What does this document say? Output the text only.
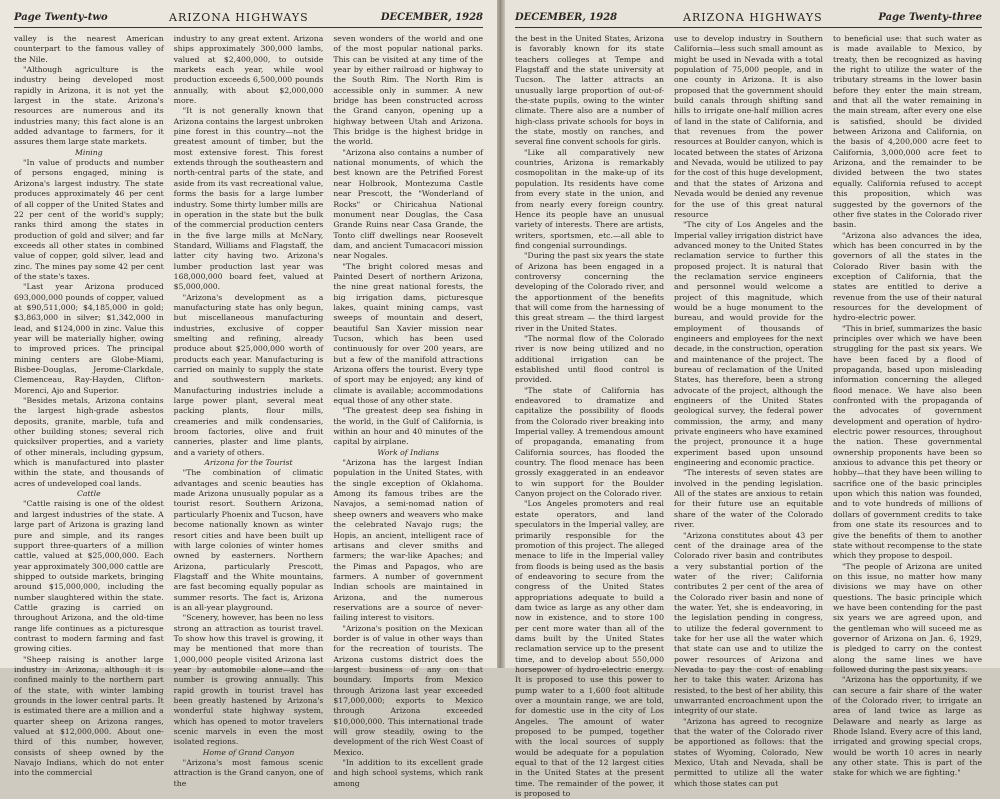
Page Twenty-two	ARIZONA HIGHWAYS	DECEMBER, 1928

valley is the nearest American counterpart to the famous valley of the Nile.

"Although agriculture is the industry being developed most rapidly in Arizona, it is not yet the largest in the state. Arizona's resources are numerous and its industries many; this fact alone is an added advantage to farmers, for it assures them large state markets.

Mining

"In value of products and number of persons engaged, mining is Arizona's largest industry. The state produces approximately 46 per cent of all copper of the United States and 22 per cent of the world's supply; ranks third among the states in production of gold and silver; and far exceeds all other states in combined value of copper, gold silver, lead and zinc. The mines pay some 42 per cent of the state's taxes.

"Last year Arizona produced 693,000,000 pounds of copper, valued at $90,511,000; $4,185,000 in gold; $3,863,000 in silver; $1,342,000 in lead, and $124,000 in zinc. Value this year will be materially higher, owing to improved prices. The principal mining centers are Globe-Miami, Bisbee-Douglas, Jerome-Clarkdale, Clemenceau, Ray-Hayden, Clifton-Morenci, Ajo and Superior.

"Besides metals, Arizona contains the largest high-grade asbestos deposits, granite, marble, tufa and other building stones; several rich quicksilver properties, and a variety of other minerals, including gypsum, which is manufactured into plaster within the state, and thousands of acres of undeveloped coal lands.

Cattle

"Cattle raising is one of the oldest and largest industries of the state. A large part of Arizona is grazing land pure and simple, and its ranges support three-quarters of a million cattle, valued at $25,000,000. Each year approximately 300,000 cattle are shipped to outside markets, bringing around $15,000,000, including the number slaughtered within the state. Cattle grazing is carried on throughout Arizona, and the old-time range life continues as a picturesque contrast to modern farming and fast growing cities.

"Sheep raising is another large industry in Arizona, although it is confined mainly to the northern part of the state, with winter lambing grounds in the lower central parts. It is estimated there are a million and a quarter sheep on Arizona ranges, valued at $12,000,000. About one-third of this number, however, consists of sheep owned by the Navajo Indians, which do not enter into the commercial

industry to any great extent. Arizona ships approximately 300,000 lambs, valued at $2,400,000, to outside markets each year, while wool production exceeds 6,500,000 pounds annually, with about $2,000,000 more.

"It is not generally known that Arizona contains the largest unbroken pine forest in this country—not the greatest amount of timber, but the most extensive forest. This forest extends through the southeastern and north-central parts of the state, and aside from its vast recreational value, forms the basis for a large lumber industry. Some thirty lumber mills are in operation in the state but the bulk of the commercial production centers in the five large mills at McNary, Standard, Williams and Flagstaff, the latter city having two. Arizona's lumber production last year was 168,000,000 board feet, valued at $5,000,000.

"Arizona's development as a manufacturing state has only begun, but miscellaneous manufacturing industries, exclusive of copper smelting and refining, already produce about $25,000,000 worth of products each year. Manufacturing is carried on mainly to supply the state and southwestern markets. Manufacturing industries include a large power plant, several meat packing plants, flour mills, creameries and milk condensaries, broom factories, olive and fruit canneries, plaster and lime plants, and a variety of others.

Arizona for the Tourist

"The combination of climatic advantages and scenic beauties has made Arizona unusually popular as a tourist resort. Southern Arizona, particularly Phoenix and Tucson, have become nationally known as winter resort cities and have been built up with large colonies of winter homes owned by easterners. Northern Arizona, particularly Prescott, Flagstaff and the White mountains, are fast becoming equally popular as summer resorts. The fact is, Arizona is an all-year playground.

"Scenery, however, has been no less strong an attraction as tourist travel. To show how this travel is growing, it may be mentioned that more than 1,000,000 people visited Arizona last year by automobile alone—and the number is growing annually. This rapid growth in tourist travel has been greatly hastened by Arizona's wonderful state highway system, which has opened to motor travelers scenic marvels in even the most isolated regions.

Home of Grand Canyon

"Arizona's most famous scenic attraction is the Grand canyon, one of the

seven wonders of the world and one of the most popular national parks. This can be visited at any time of the year by either railroad or highway to the South Rim. The North Rim is accessible only in summer. A new bridge has been constructed across the Grand canyon, opening up a highway between Utah and Arizona. This bridge is the highest bridge in the world.

"Arizona also contains a number of national monuments, of which the best known are the Petrified Forest near Holbrook, Montezuma Castle near Prescott, the "Wonderland of Rocks" or Chiricahua National monument near Douglas, the Casa Grande Ruins near Casa Grande, the Tonto cliff dwellings near Roosevelt dam, and ancient Tumacacori mission near Nogales.

"The bright colored mesas and Painted Desert of northern Arizona, the nine great national forests, the big irrigation dams, picturesque lakes, quaint mining camps, vast sweeps of mountain and desert, beautiful San Xavier mission near Tucson, which has been used continuously for over 200 years, are but a few of the manifold attractions Arizona offers the tourist. Every type of sport may be enjoyed; any kind of climate is available; accommodations equal those of any other state.

"The greatest deep sea fishing in the world, in the Gulf of California, is within an hour and 40 minutes of the capital by airplane.

Work of Indians

"Arizona has the largest Indian population in the United States, with the single exception of Oklahoma. Among its famous tribes are the Navajos, a semi-nomad nation of sheep owners and weavers who make the celebrated Navajo rugs; the Hopis, an ancient, intelligent race of artisans and clever smiths and farmers; the war-like Apaches; and the Pimas and Papagos, who are farmers. A number of government Indian schools are maintained in Arizona, and the numerous reservations are a source of never-failing interest to visitors.

"Arizona's position on the Mexican border is of value in other ways than for the recreation of tourists. The Arizona customs district does the largest business of any on that boundary. Imports from Mexico through Arizona last year exceeded $17,000,000; exports to Mexico through Arizona exceeded $10,000,000. This international trade will grow steadily, owing to the development of the rich West Coast of Mexico.

"In addition to its excellent grade and high school systems, which rank among

DECEMBER, 1928	ARIZONA HIGHWAYS	Page Twenty-three

the best in the United States, Arizona is favorably known for its state teachers colleges at Tempe and Flagstaff and the state university at Tucson. The latter attracts an unusually large proportion of out-of-the-state pupils, owing to the winter climate. There also are a number of high-class private schools for boys in the state, mostly on ranches, and several fine convent schools for girls.

"Like all comparatively new countries, Arizona is remarkably cosmopolitan in the make-up of its population. Its residents have come from every state in the union, and from nearly every foreign country. Hence its people have an unusual variety of interests. There are artists, writers, sportsmen, etc.—all able to find congenial surroundings.

"During the past six years the state of Arizona has been engaged in a controversy concerning the developing of the Colorado river, and the apportionment of the benefits that will come from the harnessing of this great stream — the third largest river in the United States.

"The normal flow of the Colorado river is now being utilized and no additional irrigation can be established until flood control is provided.

"The state of California has endeavored to dramatize and capitalize the possibility of floods from the Colorado river breaking into Imperial valley. A tremendous amount of propaganda, emanating from California sources, has flooded the country. The flood menace has been grossly exaggerated in an endeavor to win support for the Boulder Canyon project on the Colorado river.

"Los Angeles promoters and real estate operators, and land speculators in the Imperial valley, are primarily responsible for the promotion of this project. The alleged menace to life in the Imperial valley from floods is being used as the basis of endeavoring to secure from the congress of the United States appropriations adequate to build a dam twice as large as any other dam now in existence, and to store 100 per cent more water than all of the dams built by the United States reclamation service up to the present time, and to develop about 550,000 horsepower of hydro-electric energy. It is proposed to use this power to pump water to a 1,600 foot altitude over a mountain range, we are told, for domestic use in the city of Los Angeles. The amount of water proposed to be pumped, together with the local sources of supply would be adequate for a population equal to that of the 12 largest cities in the United States at the present time. The remainder of the power, it is proposed to

use to develop industry in Southern California—less such small amount as might be used in Nevada with a total population of 75,000 people, and in one county in Arizona. It is also proposed that the government should build canals through shifting sand hills to irrigate one-half million acres of land in the state of California, and that revenues from the power resources at Boulder canyon, which is located between the states of Arizona and Nevada, would be utilized to pay for the cost of this huge development, and that the states of Arizona and Nevada would be denied any revenue for the use of this great natural resource

"The city of Los Angeles and the Imperial valley irrigation district have advanced money to the United States reclamation service to further this proposed project. It is natural that the reclamation service engineers and personnel would welcome a project of this magnitude, which would be a huge monument to the bureau, and would provide for the employment of thousands of engineers and employees for the next decade, in the construction, operation and maintenance of the project. The bureau of reclamation of the United States, has therefore, been a strong advocate of the project, although the engineers of the United States geological survey, the federal power commission, the army, and many private engineers who have examined the project, pronounce it a huge experiment based upon unsound engineering and economic practice.

"The interests of seven states are involved in the pending legislation. All of the states are anxious to retain for their future use an equitable share of the water of the Colorado river.

"Arizona constitutes about 43 per cent of the drainage area of the Colorado river basin and contributes a very substantial portion of the water of the river; California contributes 2 per cent of the area of the Colorado river basin and none of the water. Yet, she is endeavoring, in the legislation pending in congress, to utilize the federal government to take for her use all the water which that state can use and to utilize the power resources of Arizona and Nevada to pay the cost of enabling her to take this water. Arizona has resisted, to the best of her ability, this unwarranted encroachment upon the integrity of our state.

"Arizona has agreed to recognize that the water of the Colorado river be apportioned as follows: that the states of Wyoming, Colorado, New Mexico, Utah and Nevada, shall be permitted to utilize all the water which those states can put

to beneficial use: that such water as is made available to Mexico, by treaty, then be recognized as having the right to utilize the water of the tributary streams in the lower basin before they enter the main stream, and that all the water remaining in the main stream, after every one else is satisfied, should be divided between Arizona and California, on the basis of 4,200,000 acre feet to California, 3,000,000 acre feet to Arizona, and the remainder to be divided between the two states equally. California refused to accept this proposition, which was suggested by the governors of the other five states in the Colorado river basin.

"Arizona also advances the idea, which has been concurred in by the governors of all the states in the Colorado River basin with the exception of California, that the states are entitled to derive a revenue from the use of their natural resources for the development of hydro-electric power.

"This in brief, summarizes the basic principles over which we have been struggling for the past six years. We have been faced by a flood of propaganda, based upon misleading information concerning the alleged flood menace. We have also been confronted with the propaganda of the advocates of government development and operation of hydro-electric power resources, throughout the nation. These governmental ownership proponents have been so anxious to advance this pet theory or hobby—that they have been willing to sacrifice one of the basic principles upon which this nation was founded, and to vote hundreds of millions of dollars of government credits to take from one state its resources and to give the benefits of them to another state without recompense to the state which they propose to despoil.

"The people of Arizona are united on this issue, no matter how many divisions we may have on other questions. The basic principle which we have been contending for the past six years we are agreed upon, and the gentleman who will suceed me as governor of Arizona on Jan. 6, 1929, is pledged to carry on the contest along the same lines we have followed during the past six years.

"Arizona has the opportunity, if we can secure a fair share of the water of the Colorado river, to irrigate an area of land twice as large as Delaware and nearly as large as Rhode Island. Every acre of this land, irrigated and growing special crops, would be worth 10 acres in nearly any other state. This is part of the stake for which we are fighting."
